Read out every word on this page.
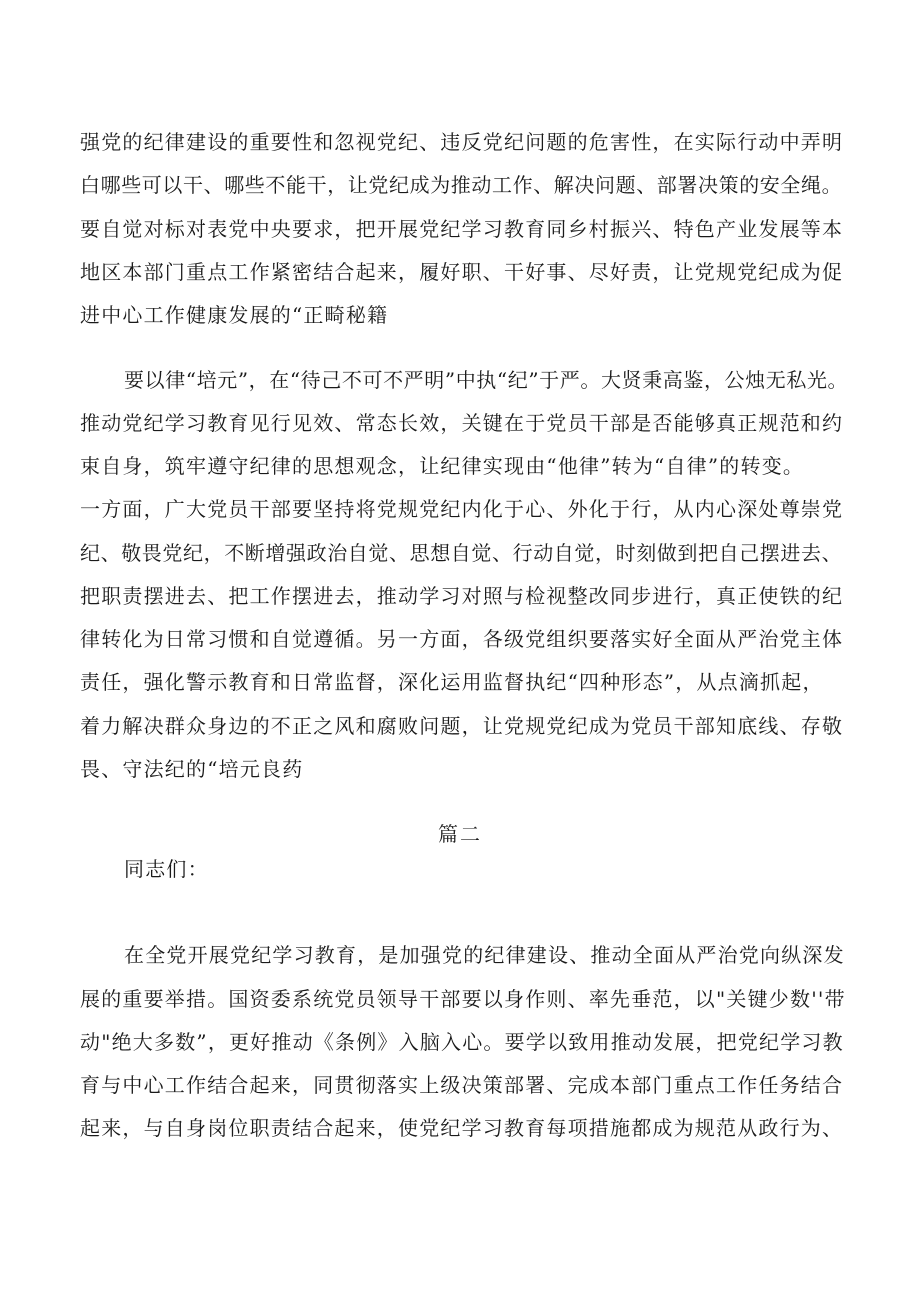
强党的纪律建设的重要性和忽视党纪、违反党纪问题的危害性，在实际行动中弄明
白哪些可以干、哪些不能干，让党纪成为推动工作、解决问题、部署决策的安全绳。
要自觉对标对表党中央要求，把开展党纪学习教育同乡村振兴、特色产业发展等本
地区本部门重点工作紧密结合起来，履好职、干好事、尽好责，让党规党纪成为促
进中心工作健康发展的“正畸秘籍
要以律“培元”，在“待己不可不严明”中执“纪”于严。大贤秉高鉴，公烛无私光。
推动党纪学习教育见行见效、常态长效，关键在于党员干部是否能够真正规范和约
束自身，筑牢遵守纪律的思想观念，让纪律实现由“他律”转为“自律”的转变。
一方面，广大党员干部要坚持将党规党纪内化于心、外化于行，从内心深处尊崇党
纪、敬畏党纪，不断增强政治自觉、思想自觉、行动自觉，时刻做到把自己摆进去、
把职责摆进去、把工作摆进去，推动学习对照与检视整改同步进行，真正使铁的纪
律转化为日常习惯和自觉遵循。另一方面，各级党组织要落实好全面从严治党主体
责任，强化警示教育和日常监督，深化运用监督执纪“四种形态”，从点滴抓起，
着力解决群众身边的不正之风和腐败问题，让党规党纪成为党员干部知底线、存敬
畏、守法纪的“培元良药
篇二
同志们：
在全党开展党纪学习教育，是加强党的纪律建设、推动全面从严治党向纵深发
展的重要举措。国资委系统党员领导干部要以身作则、率先垂范，以"关键少数''带
动"绝大多数”，更好推动《条例》入脑入心。要学以致用推动发展，把党纪学习教
育与中心工作结合起来，同贯彻落实上级决策部署、完成本部门重点工作任务结合
起来，与自身岗位职责结合起来，使党纪学习教育每项措施都成为规范从政行为、
